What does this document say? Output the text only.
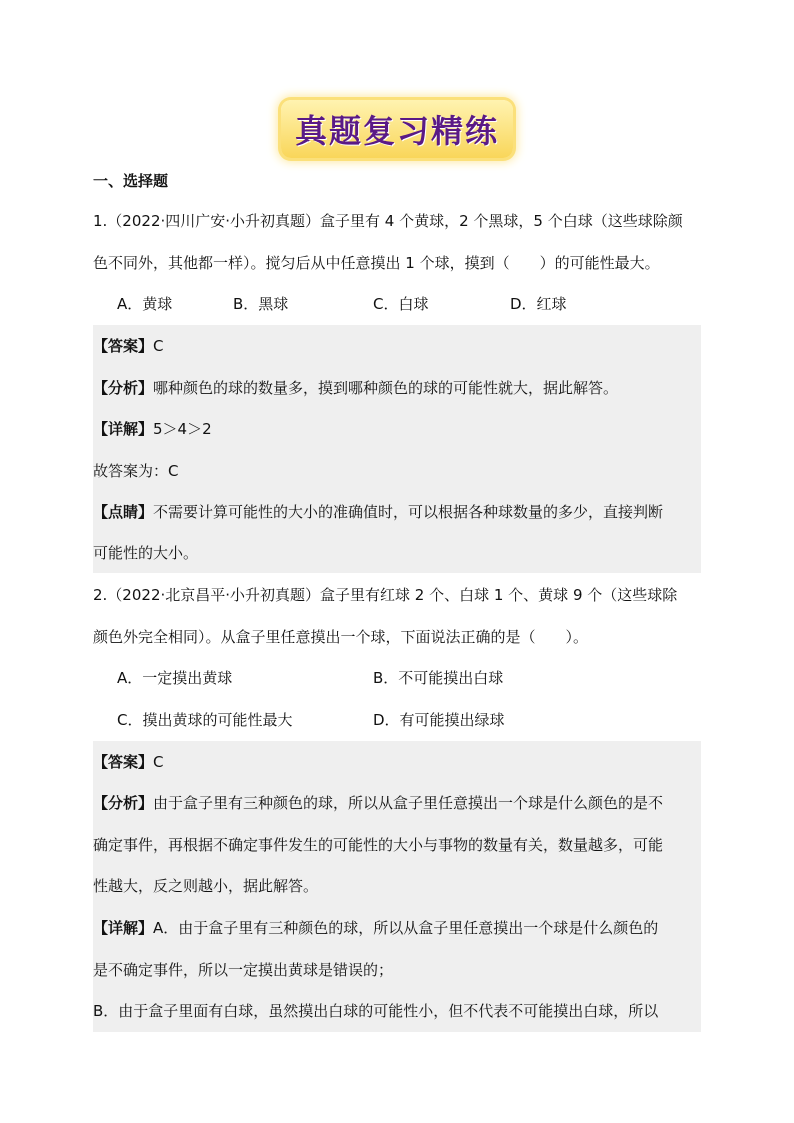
真题复习精练
一、选择题
1.（2022·四川广安·小升初真题）盒子里有 4 个黄球，2 个黑球，5 个白球（这些球除颜
色不同外，其他都一样）。搅匀后从中任意摸出 1 个球，摸到（　　）的可能性最大。
A．黄球	B．黑球	C．白球	D．红球
【答案】C
【分析】哪种颜色的球的数量多，摸到哪种颜色的球的可能性就大，据此解答。
【详解】5＞4＞2
故答案为：C
【点睛】不需要计算可能性的大小的准确值时，可以根据各种球数量的多少，直接判断
可能性的大小。
2.（2022·北京昌平·小升初真题）盒子里有红球 2 个、白球 1 个、黄球 9 个（这些球除
颜色外完全相同）。从盒子里任意摸出一个球，下面说法正确的是（　　）。
A．一定摸出黄球	B．不可能摸出白球
C．摸出黄球的可能性最大	D．有可能摸出绿球
【答案】C
【分析】由于盒子里有三种颜色的球，所以从盒子里任意摸出一个球是什么颜色的是不
确定事件，再根据不确定事件发生的可能性的大小与事物的数量有关，数量越多，可能
性越大，反之则越小，据此解答。
【详解】A．由于盒子里有三种颜色的球，所以从盒子里任意摸出一个球是什么颜色的
是不确定事件，所以一定摸出黄球是错误的；
B．由于盒子里面有白球，虽然摸出白球的可能性小，但不代表不可能摸出白球，所以
